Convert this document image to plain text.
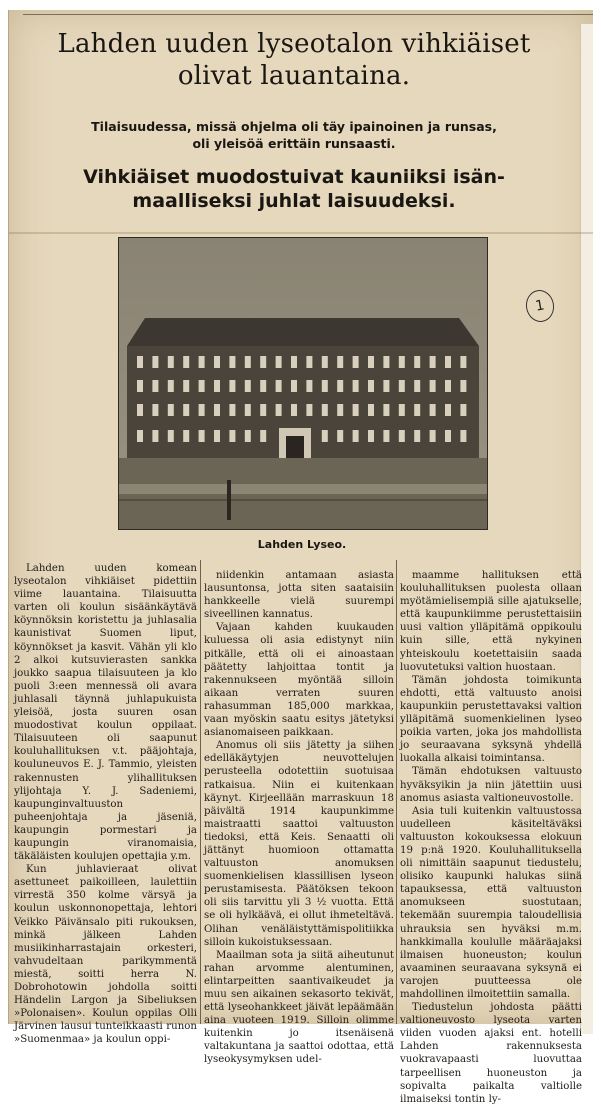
Lahden uuden lyseotalon vihkiäiset
olivat lauantaina.
Tilaisuudessa, missä ohjelma oli täy ipainoinen ja runsas,
oli yleisöä erittäin runsaasti.
Vihkiäiset muodostuivat kauniiksi isän-
maalliseksi juhlat laisuudeksi.
Lahden Lyseo.
1

Lahden uuden komean lyseotalon vihkiäiset pidettiin viime lauantaina. Tilaisuutta varten oli koulun sisäänkäytävä köynnöksin koristettu ja juhlasalia kaunistivat Suomen liput, köynnökset ja kasvit. Vähän yli klo 2 alkoi kutsuvierasten sankka joukko saapua tilaisuuteen ja klo puoli 3:een mennessä oli avara juhlasali täynnä juhlapukuista yleisöä, josta suuren osan muodostivat koulun oppilaat. Tilaisuuteen oli saapunut kouluhallituksen v.t. pääjohtaja, kouluneuvos E. J. Tammio, yleisten rakennusten ylihallituksen ylijohtaja Y. J. Sadeniemi, kaupunginvaltuuston puheenjohtaja ja jäseniä, kaupungin pormestari ja kaupungin viranomaisia, täkäläisten koulujen opettajia y.m.

Kun juhlavieraat olivat asettuneet paikoilleen, laulettiin virrestä 350 kolme värsyä ja koulun uskonnonopettaja, lehtori Veikko Päivänsalo piti rukouksen, minkä jälkeen Lahden musiikinharrastajain orkesteri, vahvudeltaan parikymmentä miestä, soitti herra N. Dobrohotowin johdolla soitti Händelin Largon ja Sibeliuksen »Polonaisen». Koulun oppilas Olli Järvinen lausui tunteikkaasti runon »Suomenmaa» ja koulun oppi-

niidenkin antamaan asiasta lausuntonsa, jotta siten saataisiin hankkeelle vielä suurempi siveellinen kannatus.

Vajaan kahden kuukauden kuluessa oli asia edistynyt niin pitkälle, että oli ei ainoastaan päätetty lahjoittaa tontit ja rakennukseen myöntää silloin aikaan verraten suuren rahasumman 185,000 markkaa, vaan myöskin saatu esitys jätetyksi asianomaiseen paikkaan.

Anomus oli siis jätetty ja siihen edelläkäytyjen neuvottelujen perusteella odotettiin suotuisaa ratkaisua. Niin ei kuitenkaan käynyt. Kirjeellään marraskuun 18 päivältä 1914 kaupunkimme maistraatti saattoi valtuuston tiedoksi, että Keis. Senaatti oli jättänyt huomioon ottamatta valtuuston anomuksen suomenkielisen klassillisen lyseon perustamisesta. Päätöksen tekoon oli siis tarvittu yli 3 ½ vuotta. Että se oli hylkäävä, ei ollut ihmeteltävä. Olihan venäläistyttämispolitiikka silloin kukoistuksessaan.

Maailman sota ja siitä aiheutunut rahan arvomme alentuminen, elintarpeitten saantivaikeudet ja muu sen aikainen sekasorto tekivät, että lyseohankkeet jäivät lepäämään aina vuoteen 1919. Silloin olimme kuitenkin jo itsenäisenä valtakuntana ja saattoi odottaa, että lyseokysymyksen udel-

maamme hallituksen että kouluhallituksen puolesta ollaan myötämielisempiä sille ajatukselle, että kaupunkiimme perustettaisiin uusi valtion ylläpitämä oppikoulu kuin sille, että nykyinen yhteiskoulu koetettaisiin saada luovutetuksi valtion huostaan.

Tämän johdosta toimikunta ehdotti, että valtuusto anoisi kaupunkiin perustettavaksi valtion ylläpitämä suomenkielinen lyseo poikia varten, joka jos mahdollista jo seuraavana syksynä yhdellä luokalla alkaisi toimintansa.

Tämän ehdotuksen valtuusto hyväksyikin ja niin jätettiin uusi anomus asiasta valtioneuvostolle.

Asia tuli kuitenkin valtuustossa uudelleen käsiteltäväksi valtuuston kokouksessa elokuun 19 p:nä 1920. Kouluhallituksella oli nimittäin saapunut tiedustelu, olisiko kaupunki halukas siinä tapauksessa, että valtuuston anomukseen suostutaan, tekemään suurempia taloudellisia uhrauksia sen hyväksi m.m. hankkimalla koululle määräajaksi ilmaisen huoneuston; koulun avaaminen seuraavana syksynä ei varojen puutteessa ole mahdollinen ilmoitettiin samalla.

Tiedustelun johdosta päätti valtioneuvosto lyseota varten viiden vuoden ajaksi ent. hotelli Lahden rakennuksesta vuokravapaasti luovuttaa tarpeellisen huoneuston ja sopivalta paikalta valtiolle ilmaiseksi tontin ly-
